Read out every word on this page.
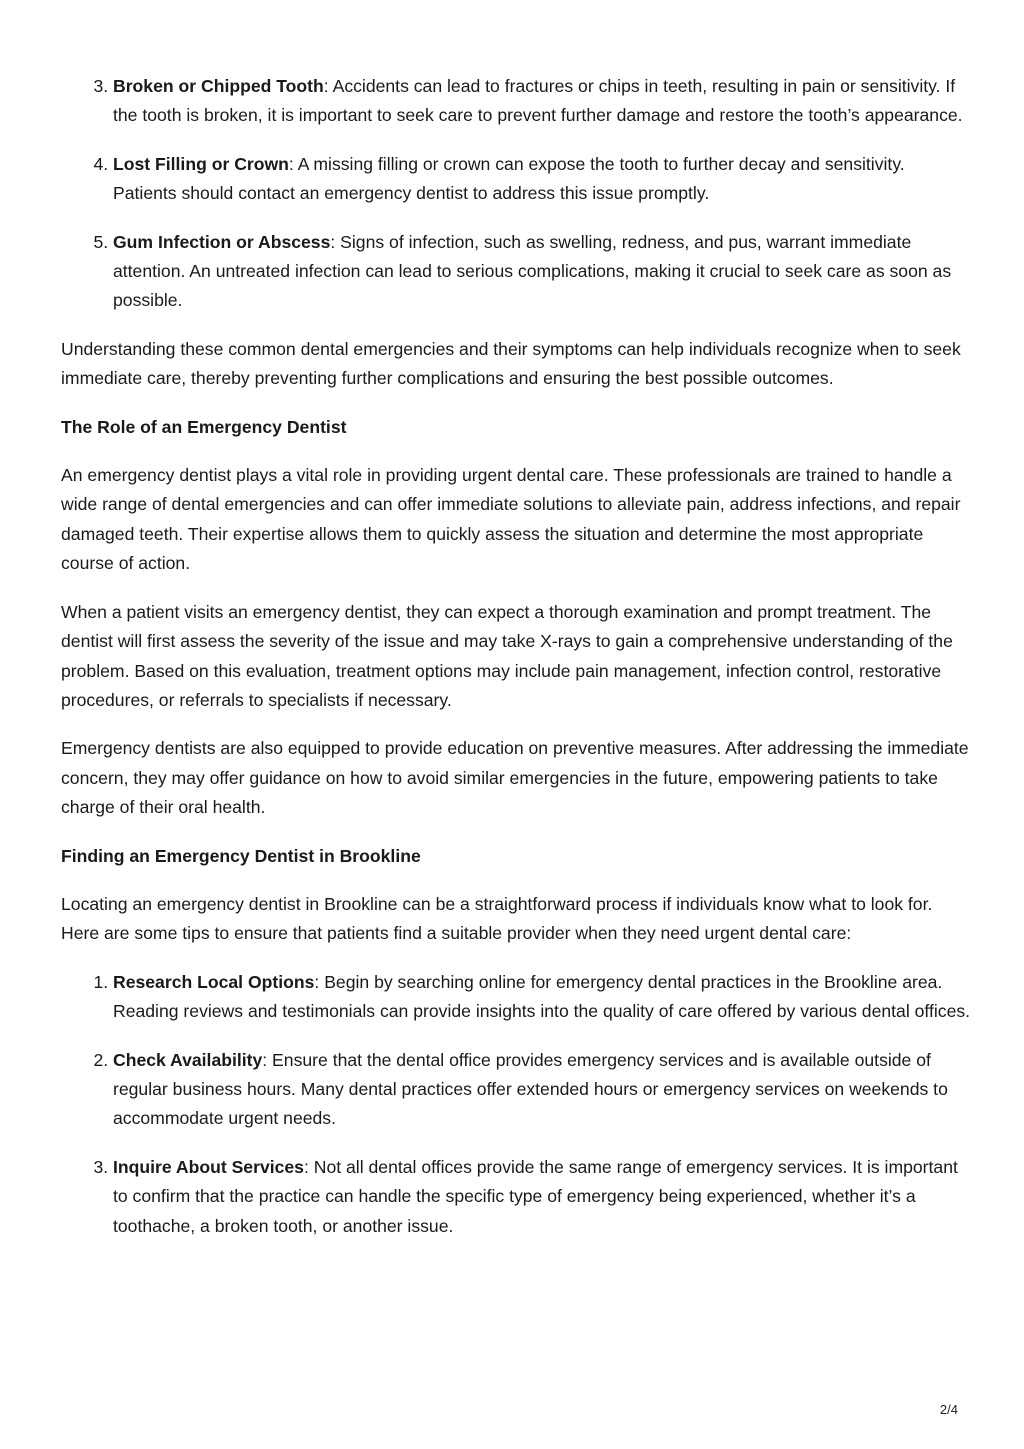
3. Broken or Chipped Tooth: Accidents can lead to fractures or chips in teeth, resulting in pain or sensitivity. If the tooth is broken, it is important to seek care to prevent further damage and restore the tooth’s appearance.
4. Lost Filling or Crown: A missing filling or crown can expose the tooth to further decay and sensitivity. Patients should contact an emergency dentist to address this issue promptly.
5. Gum Infection or Abscess: Signs of infection, such as swelling, redness, and pus, warrant immediate attention. An untreated infection can lead to serious complications, making it crucial to seek care as soon as possible.

Understanding these common dental emergencies and their symptoms can help individuals recognize when to seek immediate care, thereby preventing further complications and ensuring the best possible outcomes.

The Role of an Emergency Dentist

An emergency dentist plays a vital role in providing urgent dental care. These professionals are trained to handle a wide range of dental emergencies and can offer immediate solutions to alleviate pain, address infections, and repair damaged teeth. Their expertise allows them to quickly assess the situation and determine the most appropriate course of action.

When a patient visits an emergency dentist, they can expect a thorough examination and prompt treatment. The dentist will first assess the severity of the issue and may take X-rays to gain a comprehensive understanding of the problem. Based on this evaluation, treatment options may include pain management, infection control, restorative procedures, or referrals to specialists if necessary.

Emergency dentists are also equipped to provide education on preventive measures. After addressing the immediate concern, they may offer guidance on how to avoid similar emergencies in the future, empowering patients to take charge of their oral health.

Finding an Emergency Dentist in Brookline

Locating an emergency dentist in Brookline can be a straightforward process if individuals know what to look for. Here are some tips to ensure that patients find a suitable provider when they need urgent dental care:

1. Research Local Options: Begin by searching online for emergency dental practices in the Brookline area. Reading reviews and testimonials can provide insights into the quality of care offered by various dental offices.
2. Check Availability: Ensure that the dental office provides emergency services and is available outside of regular business hours. Many dental practices offer extended hours or emergency services on weekends to accommodate urgent needs.
3. Inquire About Services: Not all dental offices provide the same range of emergency services. It is important to confirm that the practice can handle the specific type of emergency being experienced, whether it’s a toothache, a broken tooth, or another issue.
2/4
